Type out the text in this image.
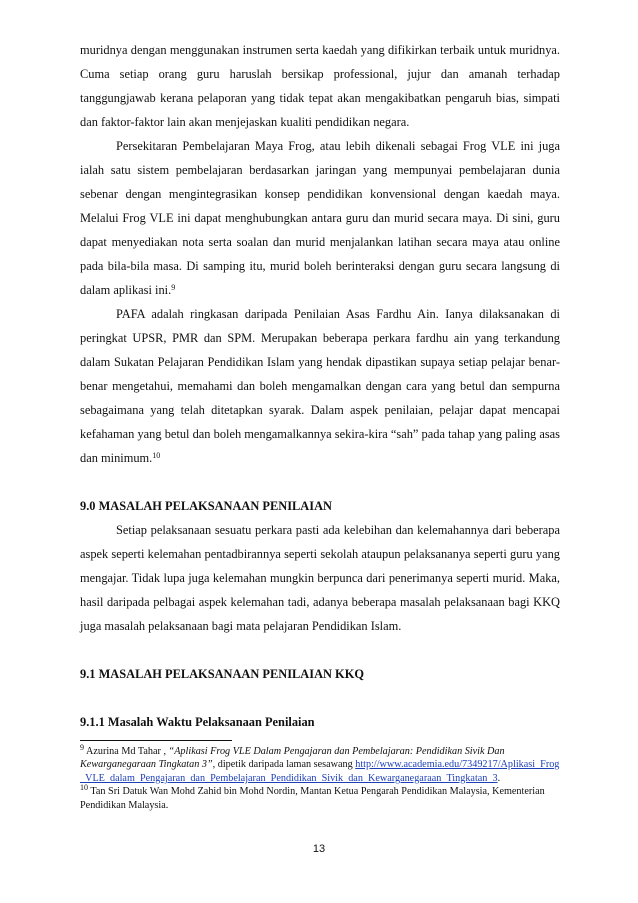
muridnya dengan menggunakan instrumen serta kaedah yang difikirkan terbaik untuk muridnya. Cuma setiap orang guru haruslah bersikap professional, jujur dan amanah terhadap tanggungjawab kerana pelaporan yang tidak tepat akan mengakibatkan pengaruh bias, simpati dan faktor-faktor lain akan menjejaskan kualiti pendidikan negara.

Persekitaran Pembelajaran Maya Frog, atau lebih dikenali sebagai Frog VLE ini juga ialah satu sistem pembelajaran berdasarkan jaringan yang mempunyai pembelajaran dunia sebenar dengan mengintegrasikan konsep pendidikan konvensional dengan kaedah maya. Melalui Frog VLE ini dapat menghubungkan antara guru dan murid secara maya. Di sini, guru dapat menyediakan nota serta soalan dan murid menjalankan latihan secara maya atau online pada bila-bila masa. Di samping itu, murid boleh berinteraksi dengan guru secara langsung di dalam aplikasi ini.$^9$

PAFA adalah ringkasan daripada Penilaian Asas Fardhu Ain. Ianya dilaksanakan di peringkat UPSR, PMR dan SPM. Merupakan beberapa perkara fardhu ain yang terkandung dalam Sukatan Pelajaran Pendidikan Islam yang hendak dipastikan supaya setiap pelajar benar-benar mengetahui, memahami dan boleh mengamalkan dengan cara yang betul dan sempurna sebagaimana yang telah ditetapkan syarak. Dalam aspek penilaian, pelajar dapat mencapai kefahaman yang betul dan boleh mengamalkannya sekira-kira “sah” pada tahap yang paling asas dan minimum.$^{10}$

9.0 MASALAH PELAKSANAAN PENILAIAN

Setiap pelaksanaan sesuatu perkara pasti ada kelebihan dan kelemahannya dari beberapa aspek seperti kelemahan pentadbirannya seperti sekolah ataupun pelaksananya seperti guru yang mengajar. Tidak lupa juga kelemahan mungkin berpunca dari penerimanya seperti murid. Maka, hasil daripada pelbagai aspek kelemahan tadi, adanya beberapa masalah pelaksanaan bagi KKQ juga masalah pelaksanaan bagi mata pelajaran Pendidikan Islam.

9.1 MASALAH PELAKSANAAN PENILAIAN KKQ

9.1.1 Masalah Waktu Pelaksanaan Penilaian

$^9$ Azurina Md Tahar , “Aplikasi Frog VLE Dalam Pengajaran dan Pembelajaran: Pendidikan Sivik Dan Kewarganegaraan Tingkatan 3”, dipetik daripada laman sesawang http://www.academia.edu/7349217/Aplikasi_Frog_VLE_dalam_Pengajaran_dan_Pembelajaran_Pendidikan_Sivik_dan_Kewarganegaraan_Tingkatan_3.

$^{10}$ Tan Sri Datuk Wan Mohd Zahid bin Mohd Nordin, Mantan Ketua Pengarah Pendidikan Malaysia, Kementerian Pendidikan Malaysia.

13
